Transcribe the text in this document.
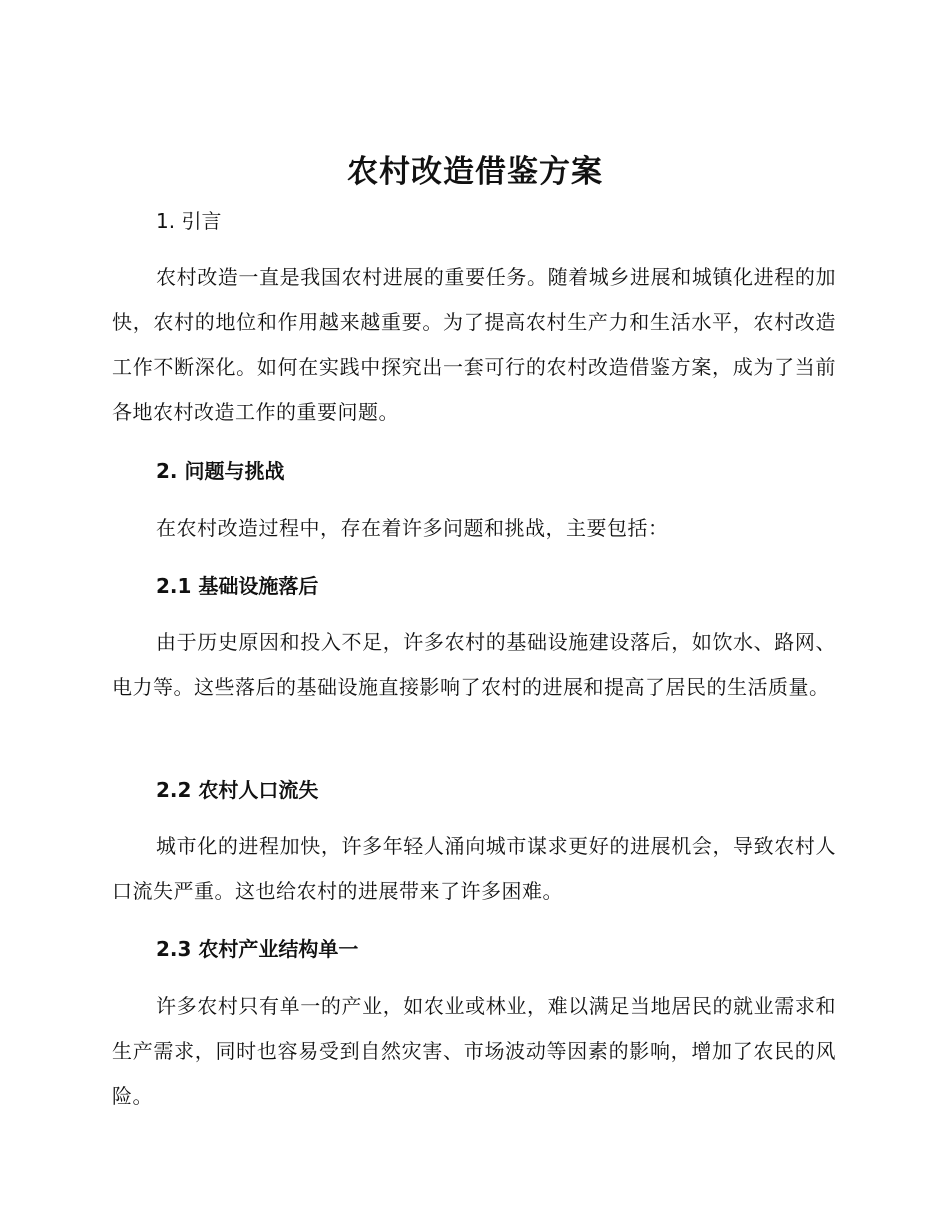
农村改造借鉴方案
1. 引言

农村改造一直是我国农村进展的重要任务。随着城乡进展和城镇化进程的加快，农村的地位和作用越来越重要。为了提高农村生产力和生活水平，农村改造工作不断深化。如何在实践中探究出一套可行的农村改造借鉴方案，成为了当前各地农村改造工作的重要问题。

2. 问题与挑战

在农村改造过程中，存在着许多问题和挑战，主要包括：

2.1 基础设施落后

由于历史原因和投入不足，许多农村的基础设施建设落后，如饮水、路网、电力等。这些落后的基础设施直接影响了农村的进展和提高了居民的生活质量。

2.2 农村人口流失

城市化的进程加快，许多年轻人涌向城市谋求更好的进展机会，导致农村人口流失严重。这也给农村的进展带来了许多困难。

2.3 农村产业结构单一

许多农村只有单一的产业，如农业或林业，难以满足当地居民的就业需求和生产需求，同时也容易受到自然灾害、市场波动等因素的影响，增加了农民的风险。
